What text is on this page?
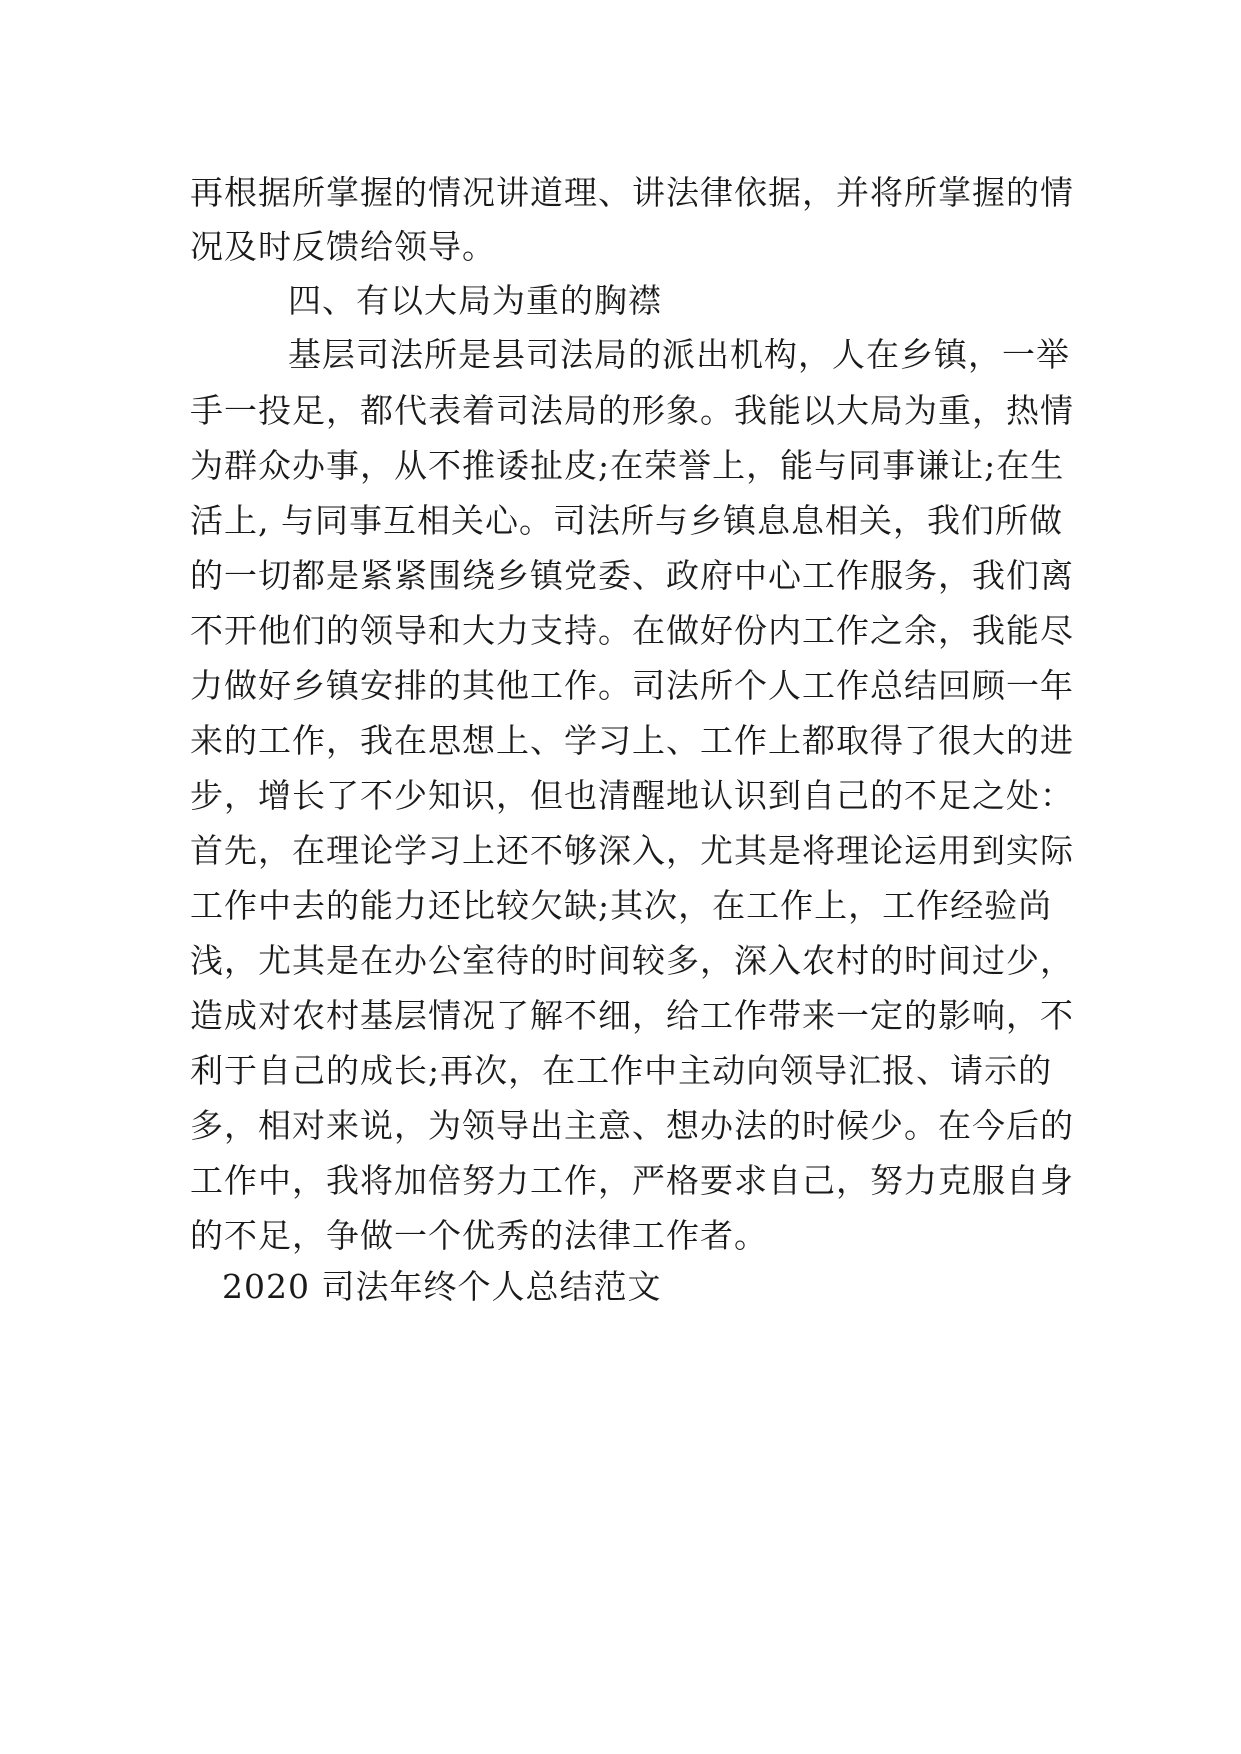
再根据所掌握的情况讲道理、讲法律依据，并将所掌握的情
况及时反馈给领导。
四、有以大局为重的胸襟
基层司法所是县司法局的派出机构，人在乡镇，一举
手一投足，都代表着司法局的形象。我能以大局为重，热情
为群众办事，从不推诿扯皮;在荣誉上，能与同事谦让;在生
活上, 与同事互相关心。司法所与乡镇息息相关，我们所做
的一切都是紧紧围绕乡镇党委、政府中心工作服务，我们离
不开他们的领导和大力支持。在做好份内工作之余，我能尽
力做好乡镇安排的其他工作。司法所个人工作总结回顾一年
来的工作，我在思想上、学习上、工作上都取得了很大的进
步，增长了不少知识，但也清醒地认识到自己的不足之处：
首先，在理论学习上还不够深入，尤其是将理论运用到实际
工作中去的能力还比较欠缺;其次，在工作上，工作经验尚
浅，尤其是在办公室待的时间较多，深入农村的时间过少，
造成对农村基层情况了解不细，给工作带来一定的影响，不
利于自己的成长;再次，在工作中主动向领导汇报、请示的
多，相对来说，为领导出主意、想办法的时候少。在今后的
工作中，我将加倍努力工作，严格要求自己，努力克服自身
的不足，争做一个优秀的法律工作者。
2020 司法年终个人总结范文
